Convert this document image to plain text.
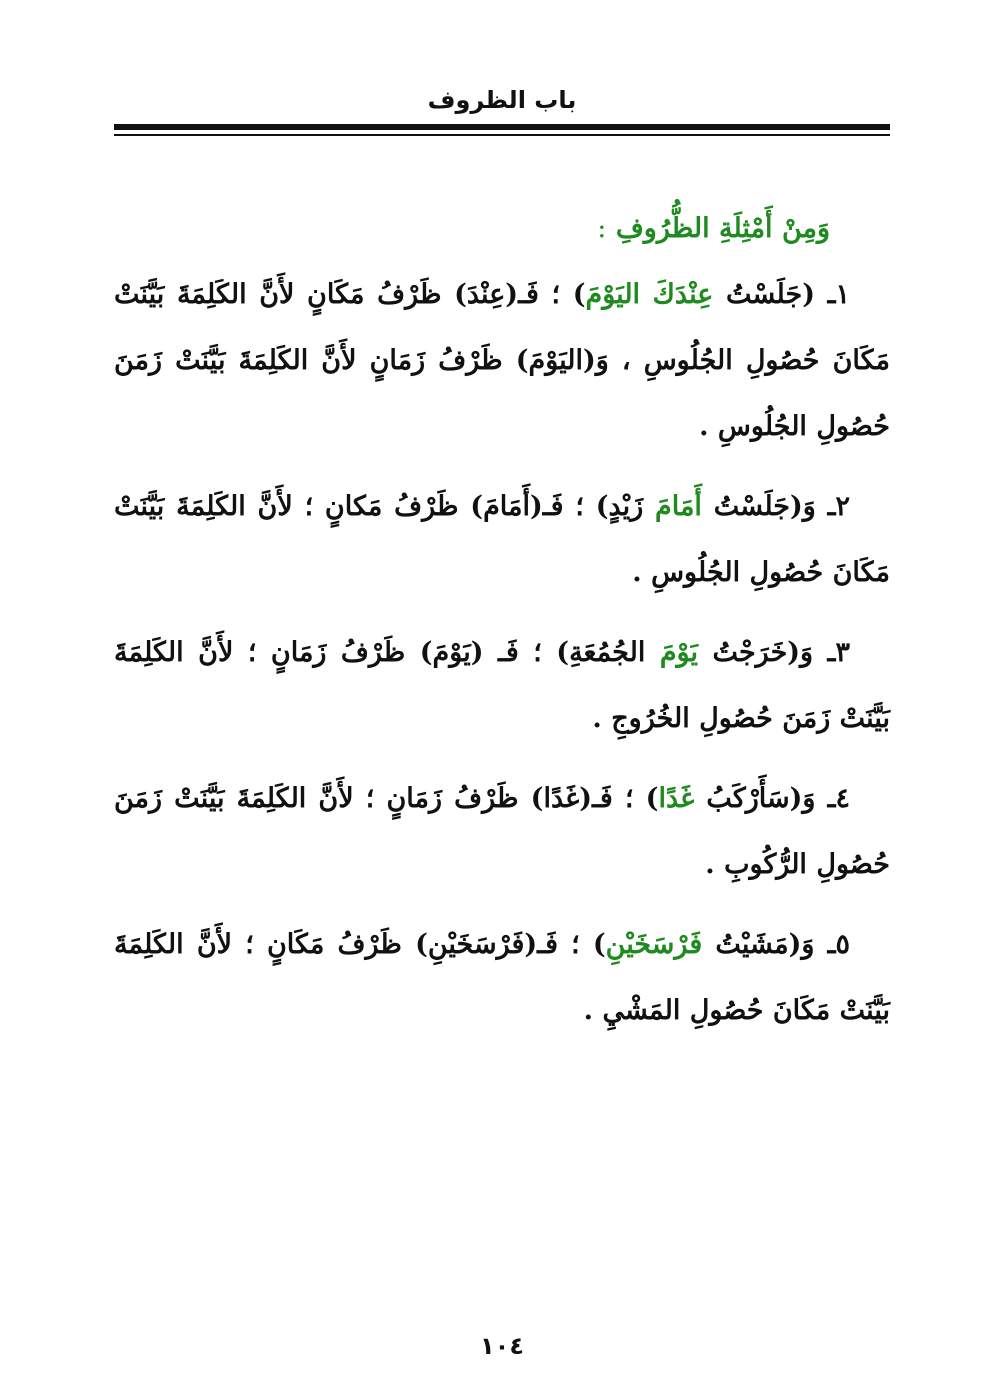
باب الظروف

وَمِنْ أَمْثِلَةِ الظُّرُوفِ :

١ـ (جَلَسْتُ عِنْدَكَ اليَوْمَ) ؛ فَـ(عِنْدَ) ظَرْفُ مَكَانٍ لأَنَّ الكَلِمَةَ بَيَّنَتْ مَكَانَ حُصُولِ الجُلُوسِ ، وَ(اليَوْمَ) ظَرْفُ زَمَانٍ لأَنَّ الكَلِمَةَ بَيَّنَتْ زَمَنَ حُصُولِ الجُلُوسِ .

٢ـ وَ(جَلَسْتُ أَمَامَ زَيْدٍ) ؛ فَـ(أَمَامَ) ظَرْفُ مَكانٍ ؛ لأَنَّ الكَلِمَةَ بَيَّنَتْ مَكَانَ حُصُولِ الجُلُوسِ .

٣ـ وَ(خَرَجْتُ يَوْمَ الجُمُعَةِ) ؛ فَـ (يَوْمَ) ظَرْفُ زَمَانٍ ؛ لأَنَّ الكَلِمَةَ بَيَّنَتْ زَمَنَ حُصُولِ الخُرُوجِ .

٤ـ وَ(سَأَرْكَبُ غَدًا) ؛ فَـ(غَدًا) ظَرْفُ زَمَانٍ ؛ لأَنَّ الكَلِمَةَ بَيَّنَتْ زَمَنَ حُصُولِ الرُّكُوبِ .

٥ـ وَ(مَشَيْتُ فَرْسَخَيْنِ) ؛ فَـ(فَرْسَخَيْنِ) ظَرْفُ مَكَانٍ ؛ لأَنَّ الكَلِمَةَ بَيَّنَتْ مَكَانَ حُصُولِ المَشْيِ .

١٠٤
